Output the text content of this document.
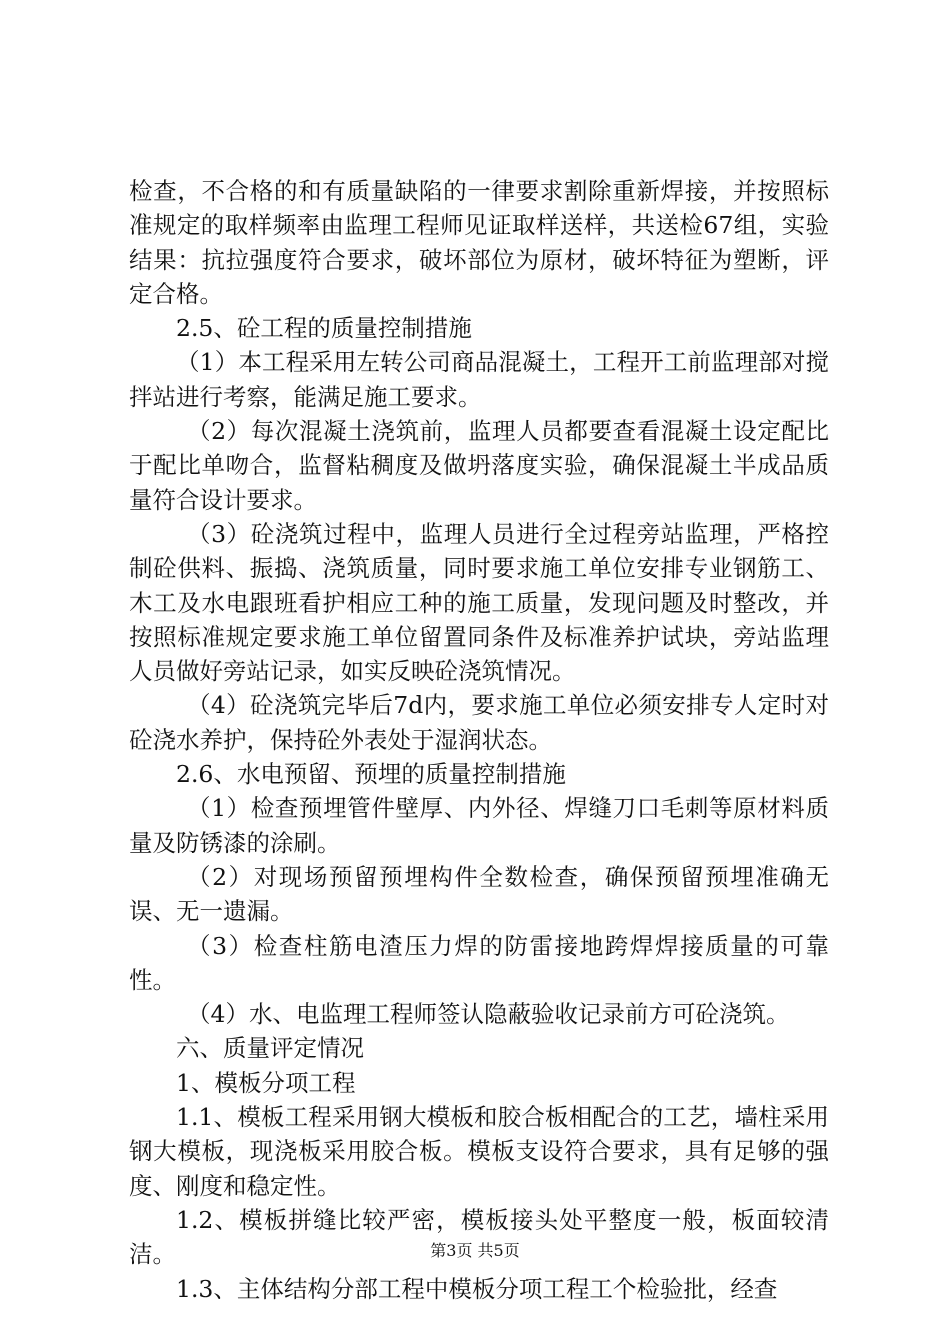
检查，不合格的和有质量缺陷的一律要求割除重新焊接，并按照标准规定的取样频率由监理工程师见证取样送样，共送检67组，实验结果：抗拉强度符合要求，破坏部位为原材，破坏特征为塑断，评定合格。

2.5、砼工程的质量控制措施

（1）本工程采用左转公司商品混凝土，工程开工前监理部对搅拌站进行考察，能满足施工要求。

（2）每次混凝土浇筑前，监理人员都要查看混凝土设定配比于配比单吻合，监督粘稠度及做坍落度实验，确保混凝土半成品质量符合设计要求。

（3）砼浇筑过程中，监理人员进行全过程旁站监理，严格控制砼供料、振捣、浇筑质量，同时要求施工单位安排专业钢筋工、木工及水电跟班看护相应工种的施工质量，发现问题及时整改，并按照标准规定要求施工单位留置同条件及标准养护试块，旁站监理人员做好旁站记录，如实反映砼浇筑情况。

（4）砼浇筑完毕后7d内，要求施工单位必须安排专人定时对砼浇水养护，保持砼外表处于湿润状态。

2.6、水电预留、预埋的质量控制措施

（1）检查预埋管件壁厚、内外径、焊缝刀口毛刺等原材料质量及防锈漆的涂刷。

（2）对现场预留预埋构件全数检查，确保预留预埋准确无误、无一遗漏。

（3）检查柱筋电渣压力焊的防雷接地跨焊焊接质量的可靠性。

（4）水、电监理工程师签认隐蔽验收记录前方可砼浇筑。

六、质量评定情况

1、模板分项工程

1.1、模板工程采用钢大模板和胶合板相配合的工艺，墙柱采用钢大模板，现浇板采用胶合板。模板支设符合要求，具有足够的强度、刚度和稳定性。

1.2、模板拼缝比较严密，模板接头处平整度一般，板面较清洁。

1.3、主体结构分部工程中模板分项工程工个检验批，经查

第3页 共5页
